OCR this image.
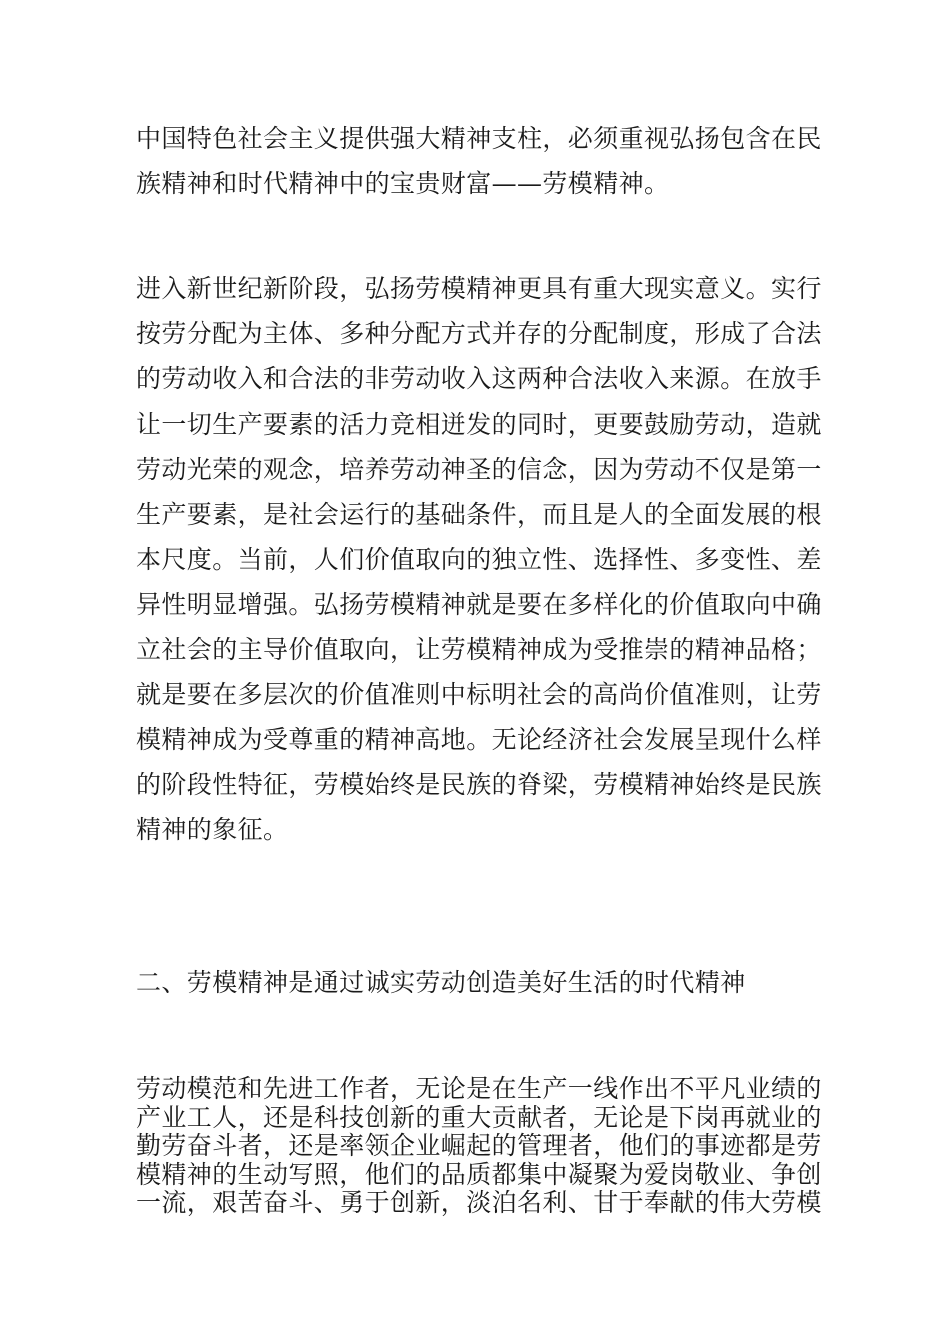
中国特色社会主义提供强大精神支柱，必须重视弘扬包含在民
族精神和时代精神中的宝贵财富——劳模精神。
进入新世纪新阶段，弘扬劳模精神更具有重大现实意义。实行
按劳分配为主体、多种分配方式并存的分配制度，形成了合法
的劳动收入和合法的非劳动收入这两种合法收入来源。在放手
让一切生产要素的活力竞相迸发的同时，更要鼓励劳动，造就
劳动光荣的观念，培养劳动神圣的信念，因为劳动不仅是第一
生产要素，是社会运行的基础条件，而且是人的全面发展的根
本尺度。当前，人们价值取向的独立性、选择性、多变性、差
异性明显增强。弘扬劳模精神就是要在多样化的价值取向中确
立社会的主导价值取向，让劳模精神成为受推崇的精神品格；
就是要在多层次的价值准则中标明社会的高尚价值准则，让劳
模精神成为受尊重的精神高地。无论经济社会发展呈现什么样
的阶段性特征，劳模始终是民族的脊梁，劳模精神始终是民族
精神的象征。
二、劳模精神是通过诚实劳动创造美好生活的时代精神
劳动模范和先进工作者，无论是在生产一线作出不平凡业绩的
产业工人，还是科技创新的重大贡献者，无论是下岗再就业的
勤劳奋斗者，还是率领企业崛起的管理者，他们的事迹都是劳
模精神的生动写照，他们的品质都集中凝聚为爱岗敬业、争创
一流，艰苦奋斗、勇于创新，淡泊名利、甘于奉献的伟大劳模
